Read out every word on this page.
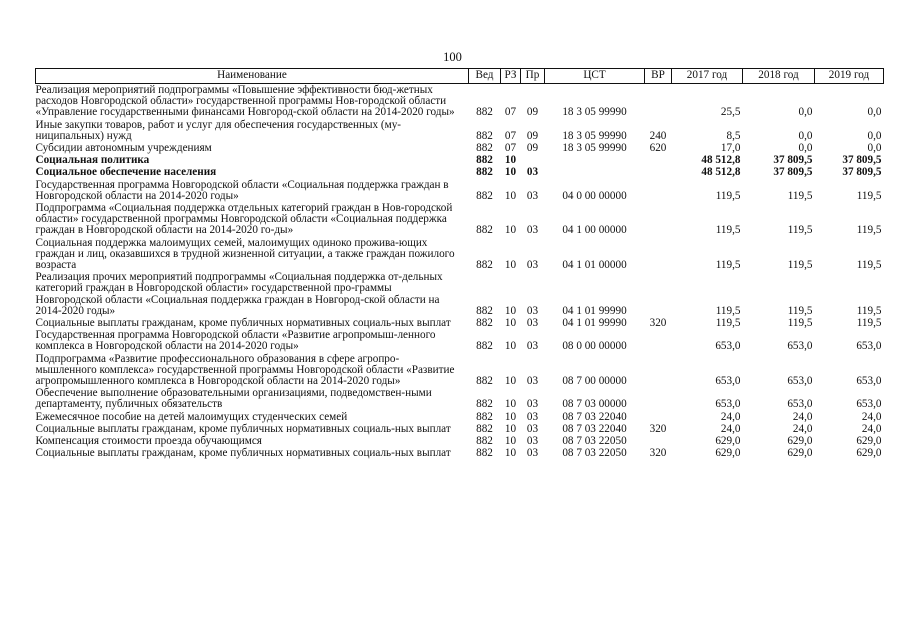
100
Наименование	Вед	РЗ	Пр	ЦСТ	ВР	2017 год	2018 год	2019 год
Реализация мероприятий подпрограммы «Повышение эффективности бюд-жетных расходов Новгородской области» государственной программы Нов-городской области «Управление государственными финансами Новгород-ской области на 2014-2020 годы»	882	07	09	18 3 05 99990		25,5	0,0	0,0
Иные закупки товаров, работ и услуг для обеспечения государственных (му-ниципальных) нужд	882	07	09	18 3 05 99990	240	8,5	0,0	0,0
Субсидии автономным учреждениям	882	07	09	18 3 05 99990	620	17,0	0,0	0,0
Социальная политика	882	10				48 512,8	37 809,5	37 809,5
Социальное обеспечение населения	882	10	03			48 512,8	37 809,5	37 809,5
Государственная программа Новгородской области «Социальная поддержка граждан в Новгородской области на 2014-2020 годы»	882	10	03	04 0 00 00000		119,5	119,5	119,5
Подпрограмма «Социальная поддержка отдельных категорий граждан в Нов-городской области» государственной программы Новгородской области «Социальная поддержка граждан в Новгородской области на 2014-2020 го-ды»	882	10	03	04 1 00 00000		119,5	119,5	119,5
Социальная поддержка малоимущих семей, малоимущих одиноко прожива-ющих граждан и лиц, оказавшихся в трудной жизненной ситуации, а также граждан пожилого возраста	882	10	03	04 1 01 00000		119,5	119,5	119,5
Реализация прочих мероприятий подпрограммы «Социальная поддержка от-дельных категорий граждан в Новгородской области» государственной про-граммы Новгородской области «Социальная поддержка граждан в Новгород-ской области на 2014-2020 годы»	882	10	03	04 1 01 99990		119,5	119,5	119,5
Социальные выплаты гражданам, кроме публичных нормативных социаль-ных выплат	882	10	03	04 1 01 99990	320	119,5	119,5	119,5
Государственная программа Новгородской области «Развитие агропромыш-ленного комплекса в Новгородской области на 2014-2020 годы»	882	10	03	08 0 00 00000		653,0	653,0	653,0
Подпрограмма «Развитие профессионального образования в сфере агропро-мышленного комплекса» государственной программы Новгородской области «Развитие агропромышленного комплекса в Новгородской области на 2014-2020 годы»	882	10	03	08 7 00 00000		653,0	653,0	653,0
Обеспечение выполнение образовательными организациями, подведомствен-ными департаменту, публичных обязательств	882	10	03	08 7 03 00000		653,0	653,0	653,0
Ежемесячное пособие на детей малоимущих студенческих семей	882	10	03	08 7 03 22040		24,0	24,0	24,0
Социальные выплаты гражданам, кроме публичных нормативных социаль-ных выплат	882	10	03	08 7 03 22040	320	24,0	24,0	24,0
Компенсация стоимости проезда обучающимся	882	10	03	08 7 03 22050		629,0	629,0	629,0
Социальные выплаты гражданам, кроме публичных нормативных социаль-ных выплат	882	10	03	08 7 03 22050	320	629,0	629,0	629,0
